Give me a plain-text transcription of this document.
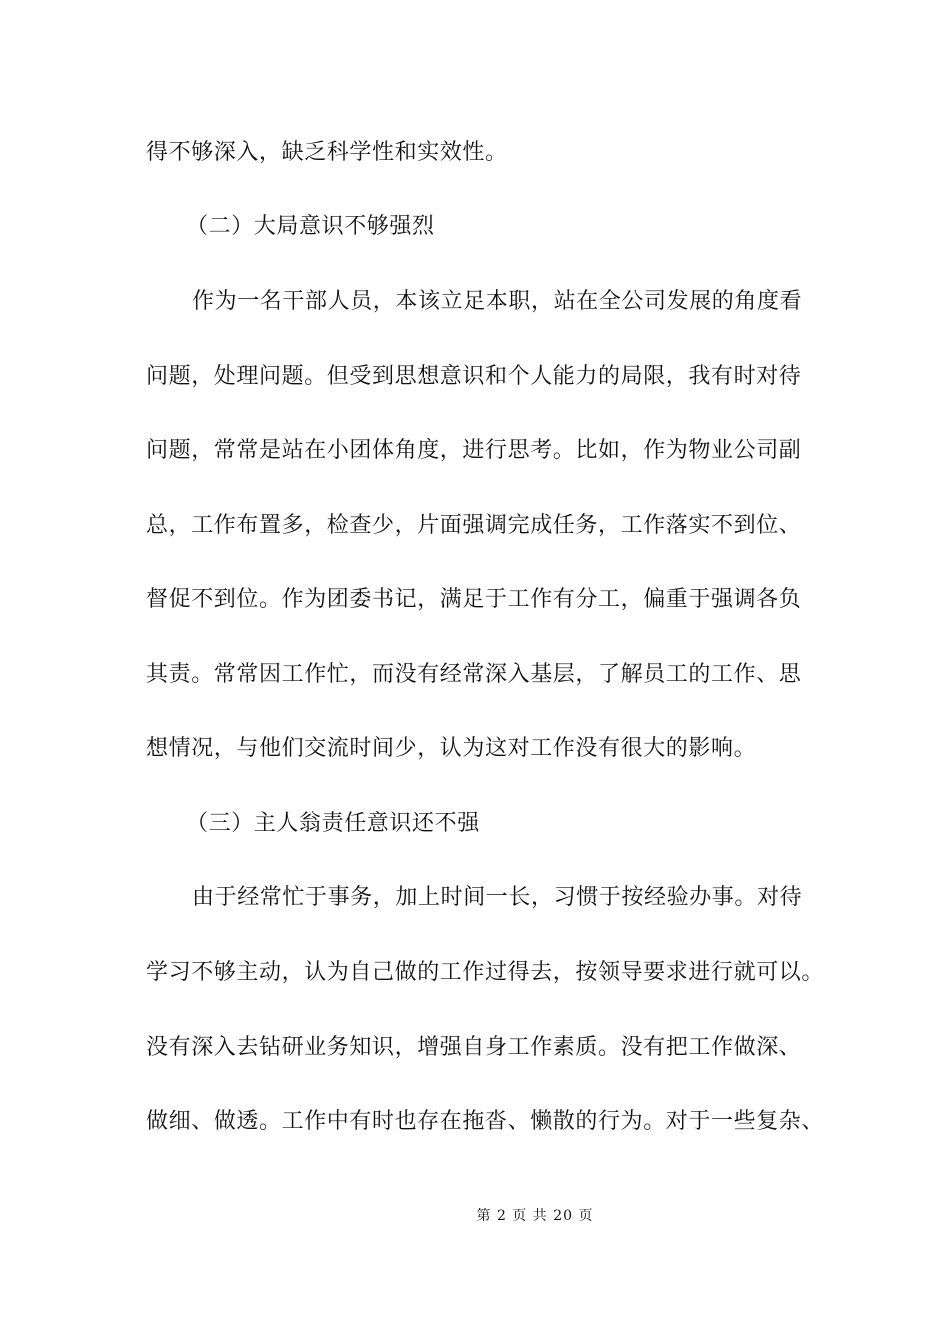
得不够深入，缺乏科学性和实效性。
（二）大局意识不够强烈
作为一名干部人员，本该立足本职，站在全公司发展的角度看
问题，处理问题。但受到思想意识和个人能力的局限，我有时对待
问题，常常是站在小团体角度，进行思考。比如，作为物业公司副
总，工作布置多，检查少，片面强调完成任务，工作落实不到位、
督促不到位。作为团委书记，满足于工作有分工，偏重于强调各负
其责。常常因工作忙，而没有经常深入基层，了解员工的工作、思
想情况，与他们交流时间少，认为这对工作没有很大的影响。
（三）主人翁责任意识还不强
由于经常忙于事务，加上时间一长，习惯于按经验办事。对待
学习不够主动，认为自己做的工作过得去，按领导要求进行就可以。
没有深入去钻研业务知识，增强自身工作素质。没有把工作做深、
做细、做透。工作中有时也存在拖沓、懒散的行为。对于一些复杂、
第 2 页 共 20 页
